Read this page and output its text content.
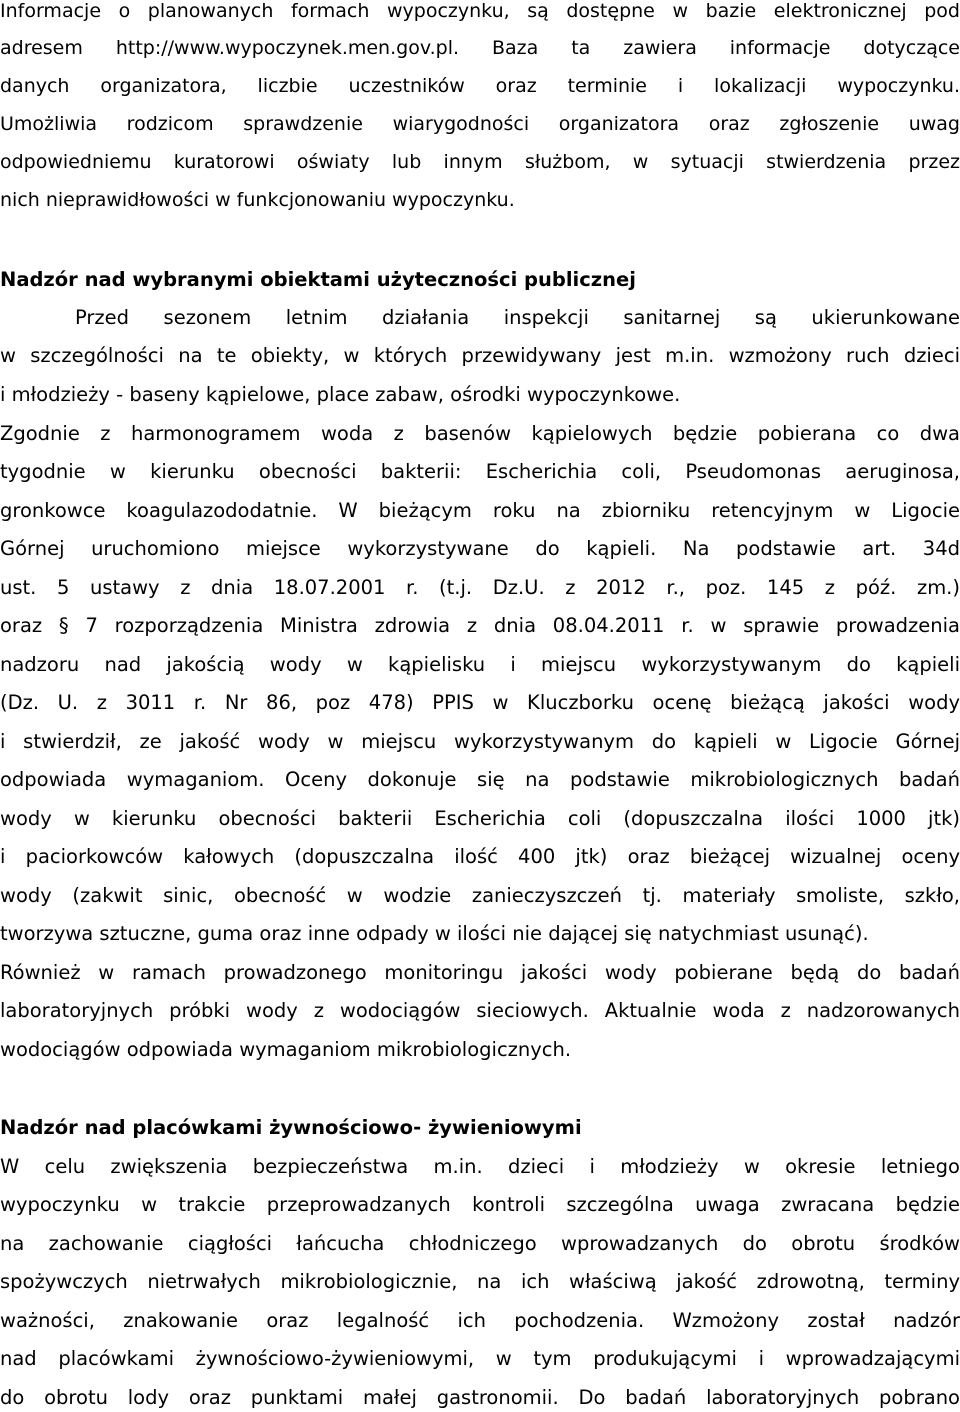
Informacje o planowanych formach wypoczynku, są dostępne w bazie elektronicznej pod
adresem http://www.wypoczynek.men.gov.pl. Baza ta zawiera informacje dotyczące
danych organizatora, liczbie uczestników oraz terminie i lokalizacji wypoczynku.
Umożliwia rodzicom sprawdzenie wiarygodności organizatora oraz zgłoszenie uwag
odpowiedniemu kuratorowi oświaty lub innym służbom, w sytuacji stwierdzenia przez
nich nieprawidłowości w funkcjonowaniu wypoczynku.
Nadzór nad wybranymi obiektami użyteczności publicznej
Przed sezonem letnim działania inspekcji sanitarnej są ukierunkowane
w szczególności na te obiekty, w których przewidywany jest m.in. wzmożony ruch dzieci
i młodzieży - baseny kąpielowe, place zabaw, ośrodki wypoczynkowe.
Zgodnie z harmonogramem woda z basenów kąpielowych będzie pobierana co dwa
tygodnie w kierunku obecności bakterii: Escherichia coli, Pseudomonas aeruginosa,
gronkowce koagulazododatnie. W bieżącym roku na zbiorniku retencyjnym w Ligocie
Górnej uruchomiono miejsce wykorzystywane do kąpieli. Na podstawie art. 34d
ust. 5 ustawy z dnia 18.07.2001 r. (t.j. Dz.U. z 2012 r., poz. 145 z póź. zm.)
oraz § 7 rozporządzenia Ministra zdrowia z dnia 08.04.2011 r. w sprawie prowadzenia
nadzoru nad jakością wody w kąpielisku i miejscu wykorzystywanym do kąpieli
(Dz. U. z 3011 r. Nr 86, poz 478) PPIS w Kluczborku ocenę bieżącą jakości wody
i stwierdził, ze jakość wody w miejscu wykorzystywanym do kąpieli w Ligocie Górnej
odpowiada wymaganiom. Oceny dokonuje się na podstawie mikrobiologicznych badań
wody w kierunku obecności bakterii Escherichia coli (dopuszczalna ilości 1000 jtk)
i paciorkowców kałowych (dopuszczalna ilość 400 jtk) oraz bieżącej wizualnej oceny
wody (zakwit sinic, obecność w wodzie zanieczyszczeń tj. materiały smoliste, szkło,
tworzywa sztuczne, guma oraz inne odpady w ilości nie dającej się natychmiast usunąć).
Również w ramach prowadzonego monitoringu jakości wody pobierane będą do badań
laboratoryjnych próbki wody z wodociągów sieciowych. Aktualnie woda z nadzorowanych
wodociągów odpowiada wymaganiom mikrobiologicznych.
Nadzór nad placówkami żywnościowo- żywieniowymi
W celu zwiększenia bezpieczeństwa m.in. dzieci i młodzieży w okresie letniego
wypoczynku w trakcie przeprowadzanych kontroli szczególna uwaga zwracana będzie
na zachowanie ciągłości łańcucha chłodniczego wprowadzanych do obrotu środków
spożywczych nietrwałych mikrobiologicznie, na ich właściwą jakość zdrowotną, terminy
ważności, znakowanie oraz legalność ich pochodzenia. Wzmożony został nadzór
nad placówkami żywnościowo-żywieniowymi, w tym produkującymi i wprowadzającymi
do obrotu lody oraz punktami małej gastronomii. Do badań laboratoryjnych pobrano
